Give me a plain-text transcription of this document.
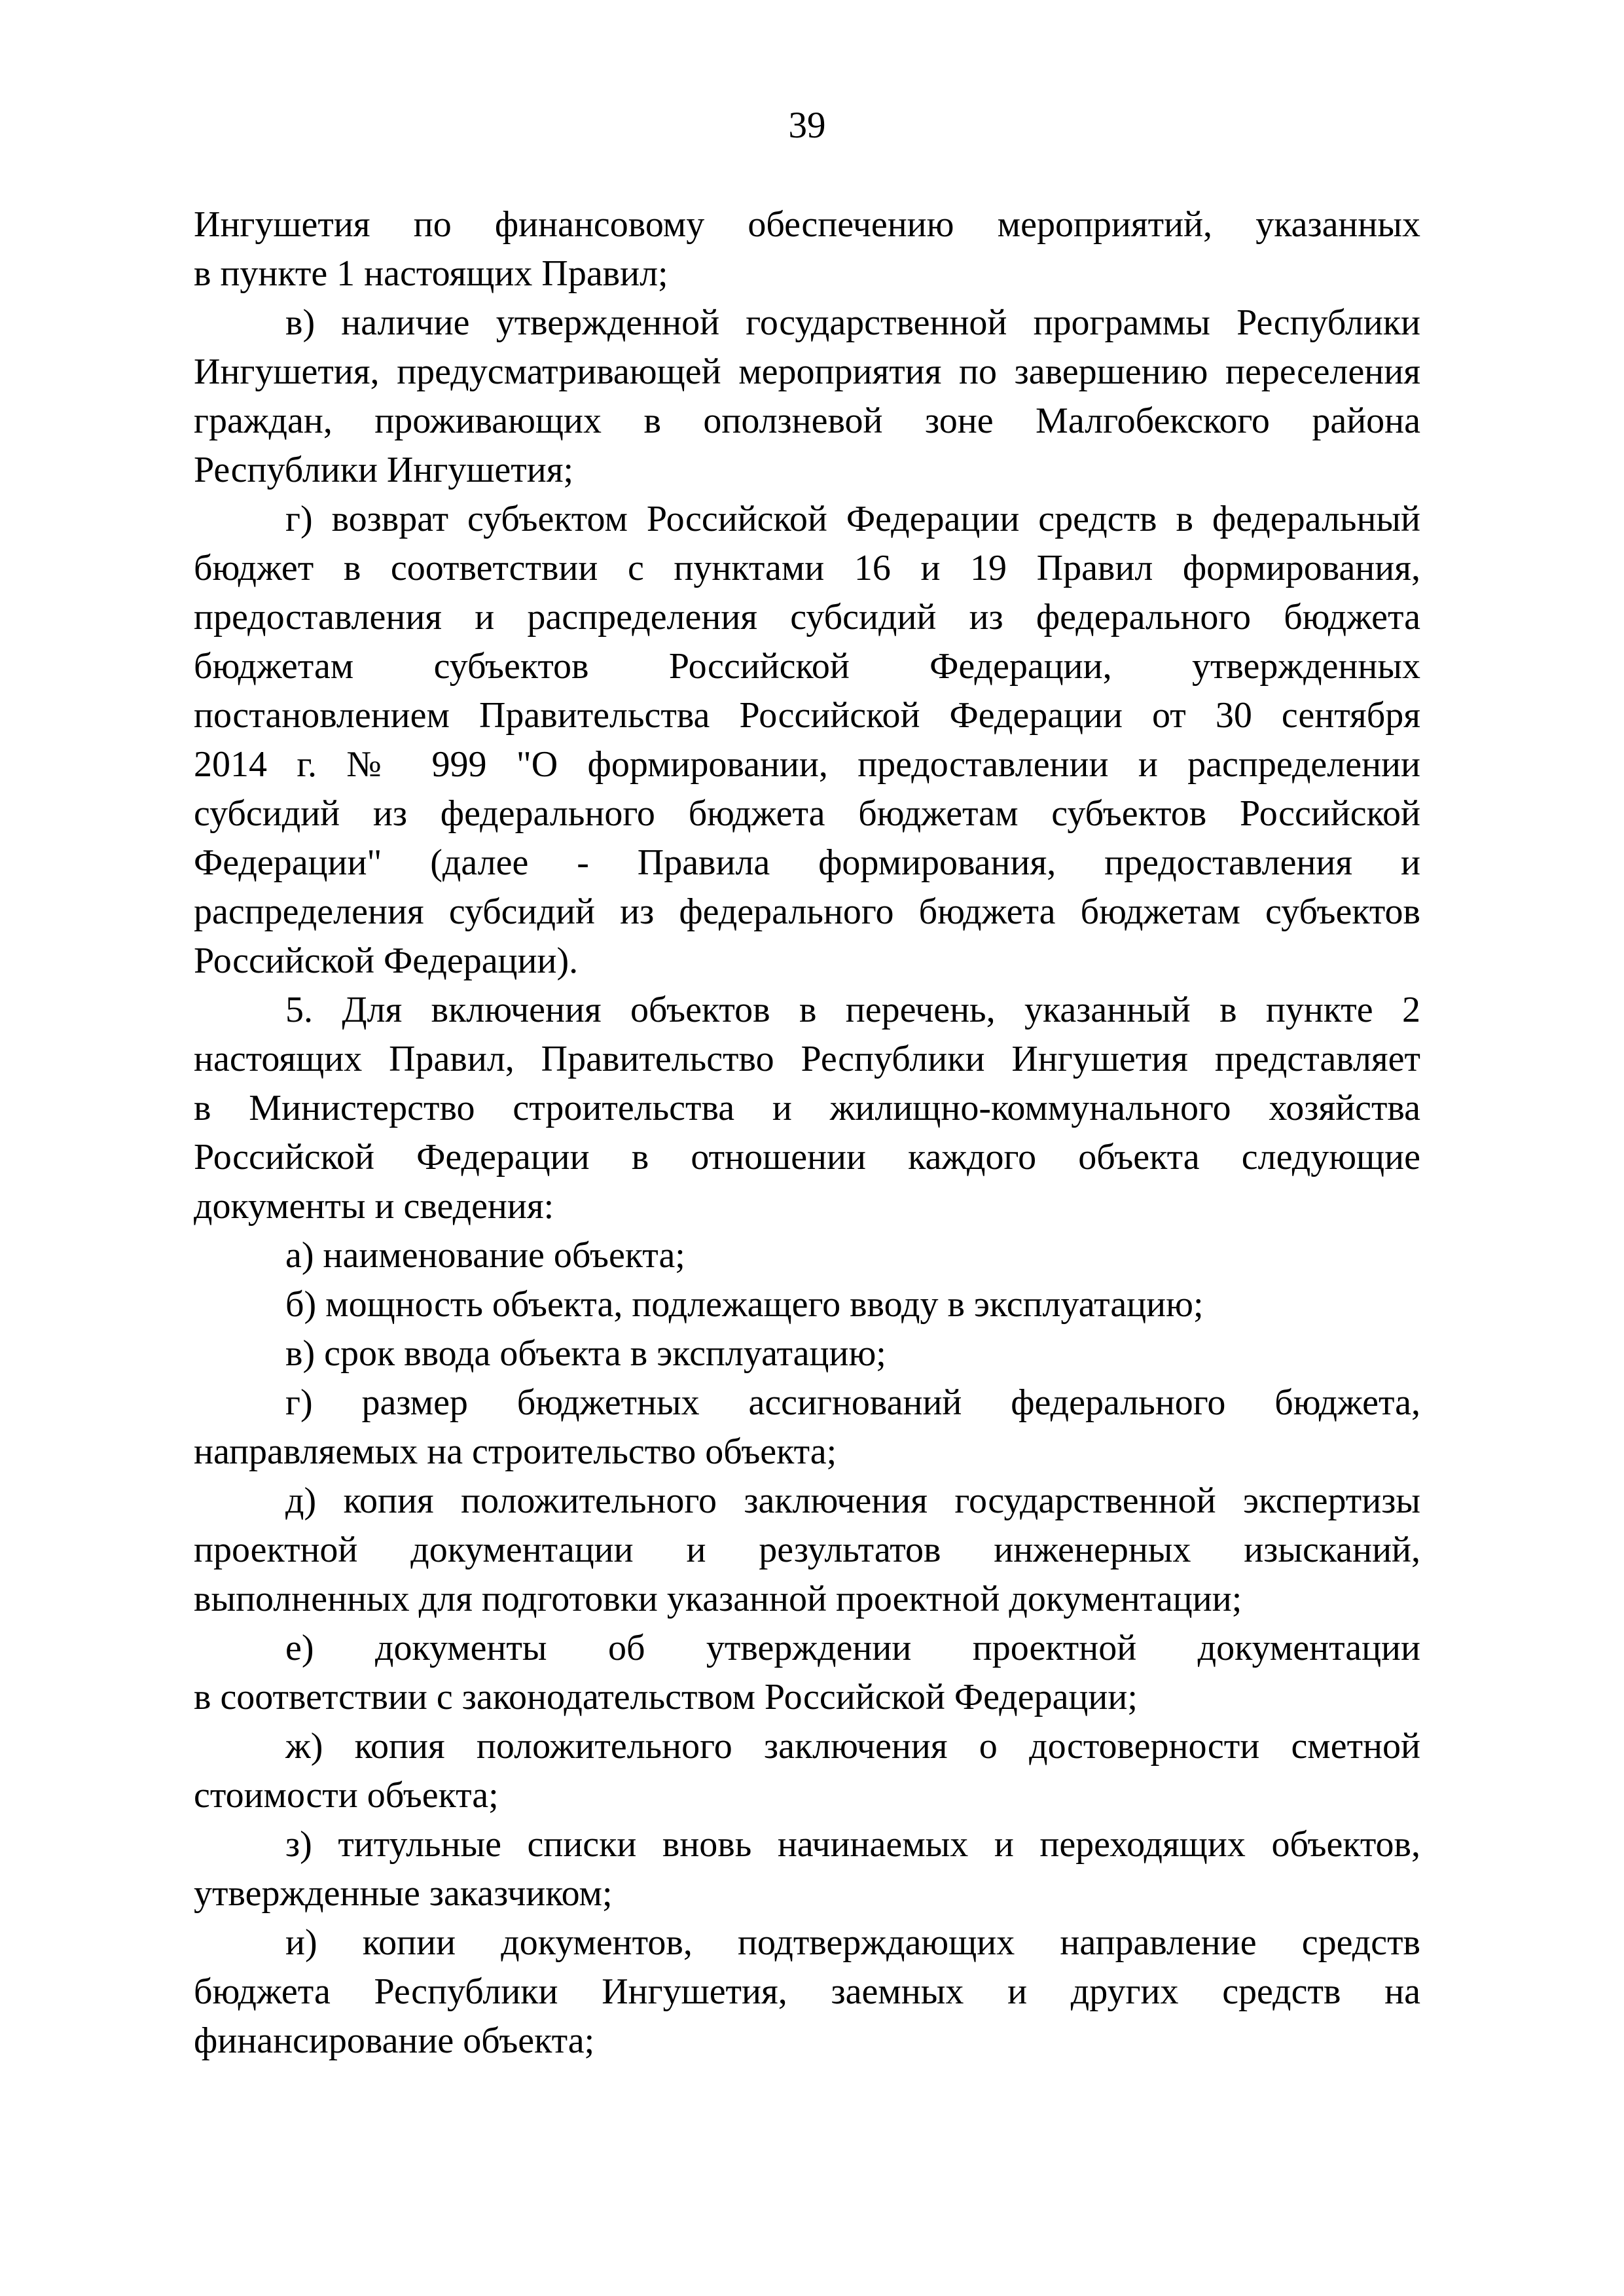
39
Ингушетия по финансовому обеспечению мероприятий, указанных
в пункте 1 настоящих Правил;
в) наличие утвержденной государственной программы Республики
Ингушетия, предусматривающей мероприятия по завершению переселения
граждан, проживающих в оползневой зоне Малгобекского района
Республики Ингушетия;
г) возврат субъектом Российской Федерации средств в федеральный
бюджет в соответствии с пунктами 16 и 19 Правил формирования,
предоставления и распределения субсидий из федерального бюджета
бюджетам субъектов Российской Федерации, утвержденных
постановлением Правительства Российской Федерации от 30 сентября
2014 г. № 999 "О формировании, предоставлении и распределении
субсидий из федерального бюджета бюджетам субъектов Российской
Федерации" (далее - Правила формирования, предоставления и
распределения субсидий из федерального бюджета бюджетам субъектов
Российской Федерации).
5. Для включения объектов в перечень, указанный в пункте 2
настоящих Правил, Правительство Республики Ингушетия представляет
в Министерство строительства и жилищно-коммунального хозяйства
Российской Федерации в отношении каждого объекта следующие
документы и сведения:
а) наименование объекта;
б) мощность объекта, подлежащего вводу в эксплуатацию;
в) срок ввода объекта в эксплуатацию;
г) размер бюджетных ассигнований федерального бюджета,
направляемых на строительство объекта;
д) копия положительного заключения государственной экспертизы
проектной документации и результатов инженерных изысканий,
выполненных для подготовки указанной проектной документации;
е) документы об утверждении проектной документации
в соответствии с законодательством Российской Федерации;
ж) копия положительного заключения о достоверности сметной
стоимости объекта;
з) титульные списки вновь начинаемых и переходящих объектов,
утвержденные заказчиком;
и) копии документов, подтверждающих направление средств
бюджета Республики Ингушетия, заемных и других средств на
финансирование объекта;
